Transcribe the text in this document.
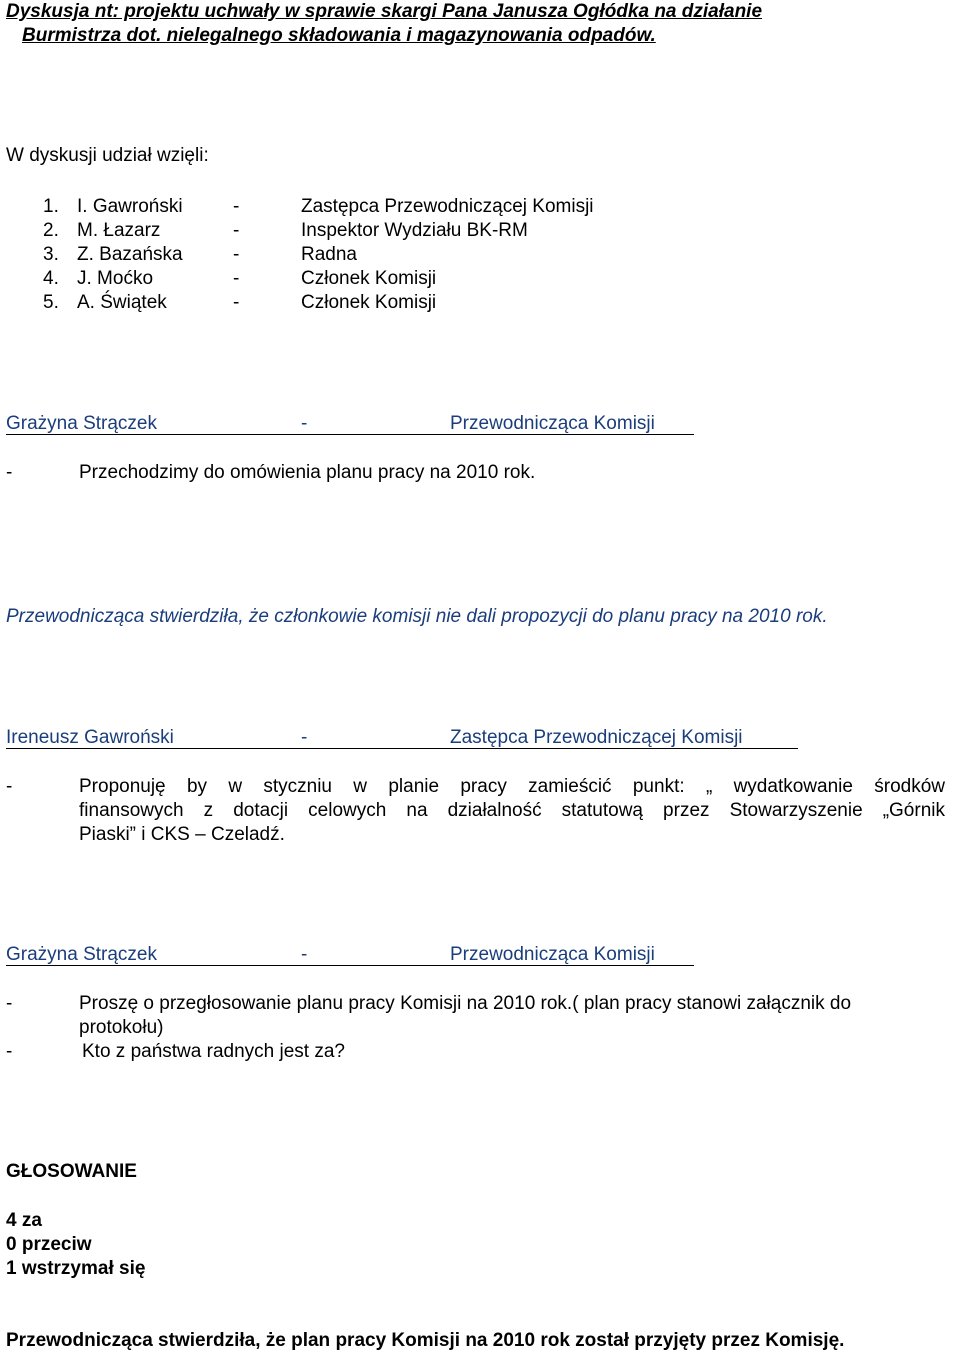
Dyskusja nt: projektu uchwały w sprawie skargi Pana Janusza Ogłódka na działanie
Burmistrza dot. nielegalnego składowania i magazynowania odpadów.
W dyskusji udział wzięli:
1. I. Gawroński	-	Zastępca Przewodniczącej Komisji
2. M. Łazarz	-	Inspektor Wydziału BK-RM
3. Z. Bazańska	-	Radna
4. J. Moćko	-	Członek Komisji
5. A. Świątek	-	Członek Komisji
Grażyna Strączek	-	Przewodnicząca Komisji
-	Przechodzimy do omówienia planu pracy na 2010 rok.
Przewodnicząca stwierdziła, że członkowie komisji nie dali propozycji do planu pracy na 2010 rok.
Ireneusz Gawroński	-	Zastępca Przewodniczącej Komisji
-	Proponuję by w styczniu w planie pracy zamieścić punkt: „ wydatkowanie środków
finansowych z dotacji celowych na działalność statutową przez Stowarzyszenie „Górnik
Piaski” i CKS – Czeladź.
Grażyna Strączek	-	Przewodnicząca Komisji
-	Proszę o przegłosowanie planu pracy Komisji na 2010 rok.( plan pracy stanowi załącznik do
protokołu)
-	Kto z państwa radnych jest za?
GŁOSOWANIE
4 za
0 przeciw
1 wstrzymał się
Przewodnicząca stwierdziła, że plan pracy Komisji na 2010 rok został przyjęty przez Komisję.
